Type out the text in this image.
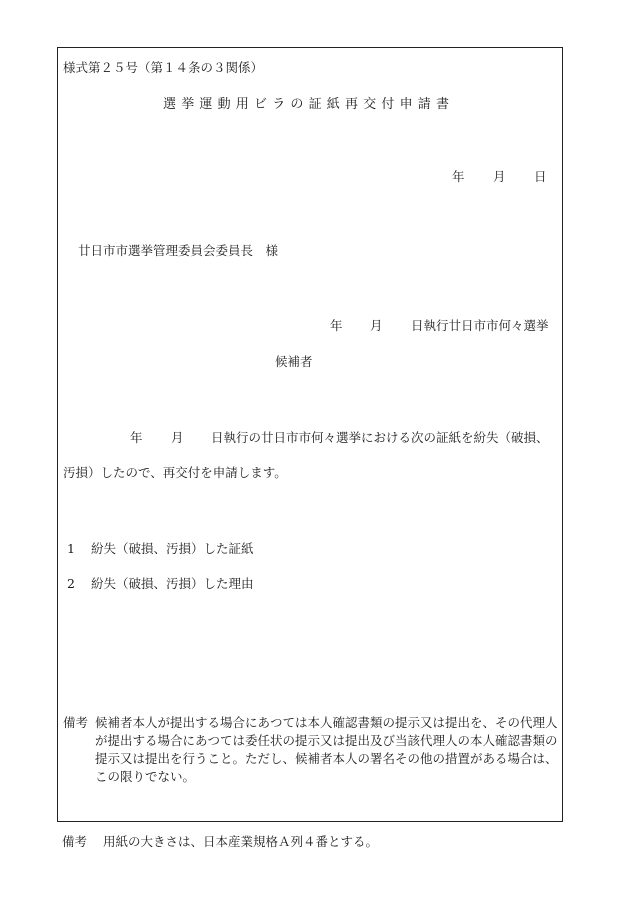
様式第２５号（第１４条の３関係）
選挙運動用ビラの証紙再交付申請書
年 月 日
廿日市市選挙管理委員会委員長　様
年 月 日執行廿日市市何々選挙
候補者
年 月 日執行の廿日市市何々選挙における次の証紙を紛失（破損、
汚損）したので、再交付を申請します。
1 紛失（破損、汚損）した証紙
2 紛失（破損、汚損）した理由
備考 候補者本人が提出する場合にあつては本人確認書類の提示又は提出を、その代理人が提出する場合にあつては委任状の提示又は提出及び当該代理人の本人確認書類の提示又は提出を行うこと。ただし、候補者本人の署名その他の措置がある場合は、この限りでない。
備考 用紙の大きさは、日本産業規格Ａ列４番とする。
